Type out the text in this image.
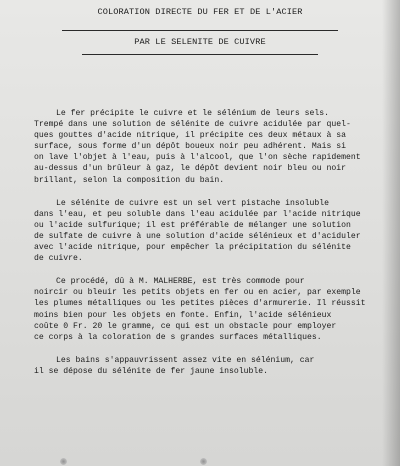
COLORATION DIRECTE DU FER ET DE L'ACIER
PAR LE SELENITE DE CUIVRE
Le fer précipite le cuivre et le sélénium de leurs sels.
Trempé dans une solution de sélénite de cuivre acidulée par quel-
ques gouttes d'acide nitrique, il précipite ces deux métaux à sa
surface, sous forme d'un dépôt boueux noir peu adhérent. Mais si
on lave l'objet à l'eau, puis à l'alcool, que l'on sèche rapidement
au-dessus d'un brûleur à gaz, le dépôt devient noir bleu ou noir
brillant, selon la composition du bain.
Le sélénite de cuivre est un sel vert pistache insoluble
dans l'eau, et peu soluble dans l'eau acidulée par l'acide nitrique
ou l'acide sulfurique; il est préférable de mélanger une solution
de sulfate de cuivre à une solution d'acide sélénieux et d'aciduler
avec l'acide nitrique, pour empêcher la précipitation du sélénite
de cuivre.
Ce procédé, dû à M. MALHERBE, est très commode pour
noircir ou bleuir les petits objets en fer ou en acier, par exemple
les plumes métalliques ou les petites pièces d'armurerie. Il réussit
moins bien pour les objets en fonte. Enfin, l'acide sélénieux
coûte 0 Fr. 20 le gramme, ce qui est un obstacle pour employer
ce corps à la coloration de s grandes surfaces métalliques.
Les bains s'appauvrissent assez vite en sélénium, car
il se dépose du sélénite de fer jaune insoluble.
